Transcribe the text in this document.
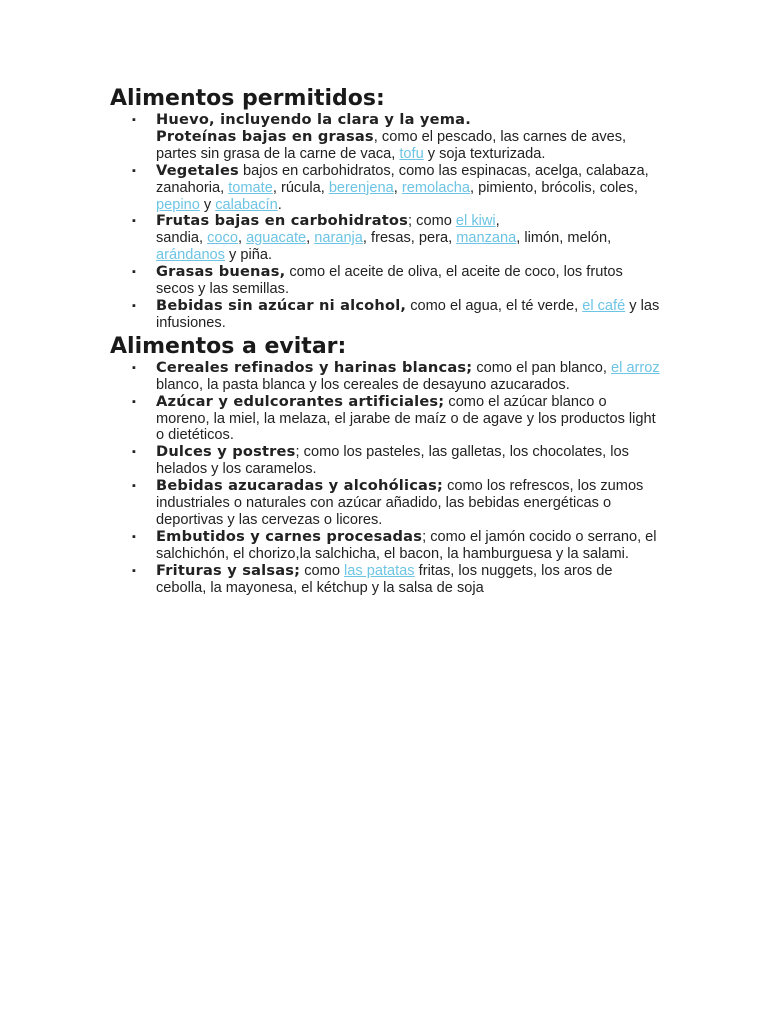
Alimentos permitidos:
▪ Huevo, incluyendo la clara y la yema.
Proteínas bajas en grasas, como el pescado, las carnes de aves, partes sin grasa de la carne de vaca, tofu y soja texturizada.
▪ Vegetales bajos en carbohidratos, como las espinacas, acelga, calabaza, zanahoria, tomate, rúcula, berenjena, remolacha, pimiento, brócolis, coles, pepino y calabacín.
▪ Frutas bajas en carbohidratos; como el kiwi,
sandia, coco, aguacate, naranja, fresas, pera, manzana, limón, melón, arándanos y piña.
▪ Grasas buenas, como el aceite de oliva, el aceite de coco, los frutos secos y las semillas.
▪ Bebidas sin azúcar ni alcohol, como el agua, el té verde, el café y las infusiones.
Alimentos a evitar:
▪ Cereales refinados y harinas blancas; como el pan blanco, el arroz blanco, la pasta blanca y los cereales de desayuno azucarados.
▪ Azúcar y edulcorantes artificiales; como el azúcar blanco o moreno, la miel, la melaza, el jarabe de maíz o de agave y los productos light o dietéticos.
▪ Dulces y postres; como los pasteles, las galletas, los chocolates, los helados y los caramelos.
▪ Bebidas azucaradas y alcohólicas; como los refrescos, los zumos industriales o naturales con azúcar añadido, las bebidas energéticas o deportivas y las cervezas o licores.
▪ Embutidos y carnes procesadas; como el jamón cocido o serrano, el salchichón, el chorizo,la salchicha, el bacon, la hamburguesa y la salami.
▪ Frituras y salsas; como las patatas fritas, los nuggets, los aros de cebolla, la mayonesa, el kétchup y la salsa de soja
